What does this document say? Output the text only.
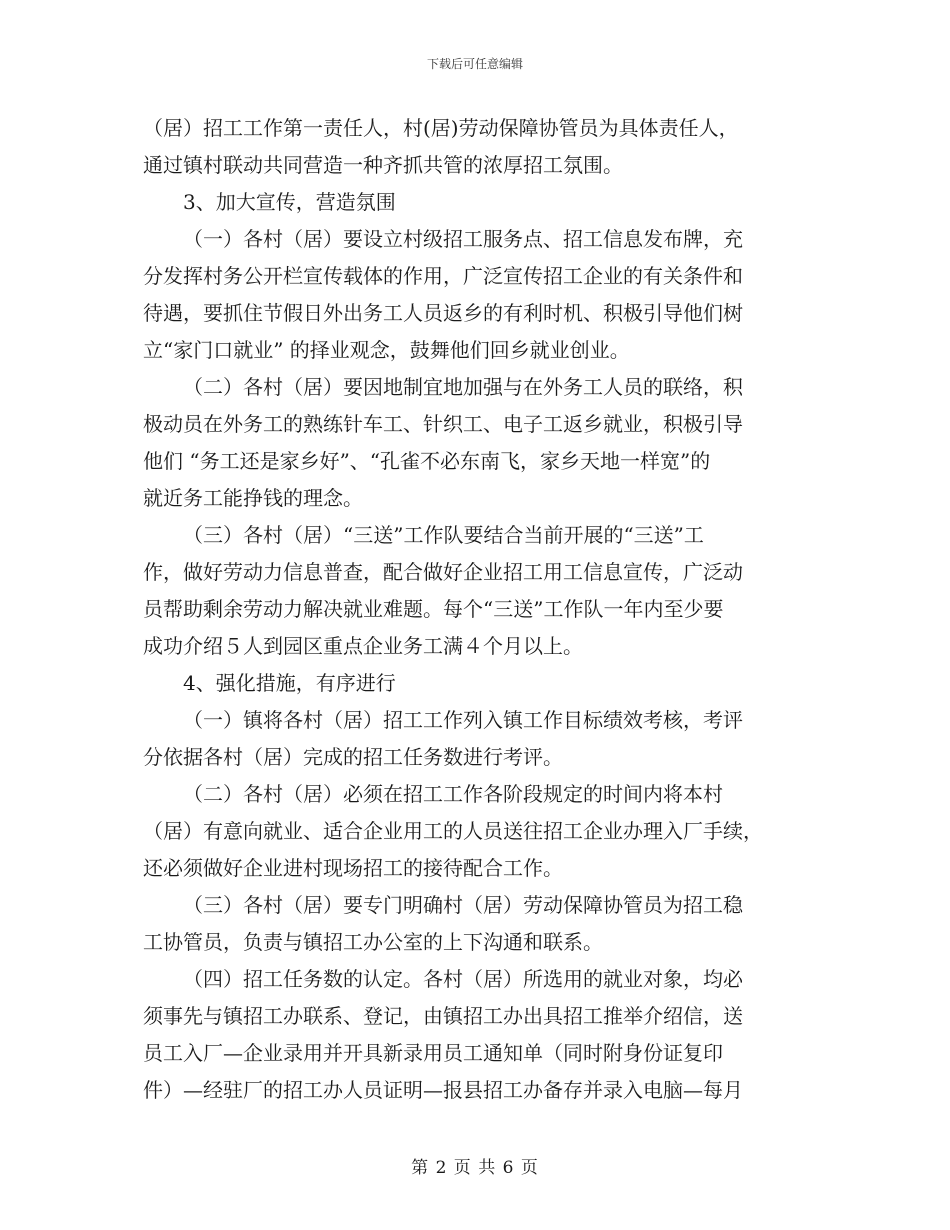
下载后可任意编辑
（居）招工工作第一责任人，村(居)劳动保障协管员为具体责任人，
通过镇村联动共同营造一种齐抓共管的浓厚招工氛围。
3、加大宣传，营造氛围
（一）各村（居）要设立村级招工服务点、招工信息发布牌，充
分发挥村务公开栏宣传载体的作用，广泛宣传招工企业的有关条件和
待遇，要抓住节假日外出务工人员返乡的有利时机、积极引导他们树
立“家门口就业” 的择业观念，鼓舞他们回乡就业创业。
（二）各村（居）要因地制宜地加强与在外务工人员的联络，积
极动员在外务工的熟练针车工、针织工、电子工返乡就业，积极引导
他们 “务工还是家乡好”、“孔雀不必东南飞，家乡天地一样宽”的
就近务工能挣钱的理念。
（三）各村（居）“三送”工作队要结合当前开展的“三送”工
作，做好劳动力信息普查，配合做好企业招工用工信息宣传，广泛动
员帮助剩余劳动力解决就业难题。每个“三送”工作队一年内至少要
成功介绍５人到园区重点企业务工满４个月以上。
4、强化措施，有序进行
（一）镇将各村（居）招工工作列入镇工作目标绩效考核，考评
分依据各村（居）完成的招工任务数进行考评。
（二）各村（居）必须在招工工作各阶段规定的时间内将本村
（居）有意向就业、适合企业用工的人员送往招工企业办理入厂手续，
还必须做好企业进村现场招工的接待配合工作。
（三）各村（居）要专门明确村（居）劳动保障协管员为招工稳
工协管员，负责与镇招工办公室的上下沟通和联系。
（四）招工任务数的认定。各村（居）所选用的就业对象，均必
须事先与镇招工办联系、登记，由镇招工办出具招工推举介绍信，送
员工入厂—企业录用并开具新录用员工通知单（同时附身份证复印
件）—经驻厂的招工办人员证明—报县招工办备存并录入电脑—每月
第 2 页 共 6 页
